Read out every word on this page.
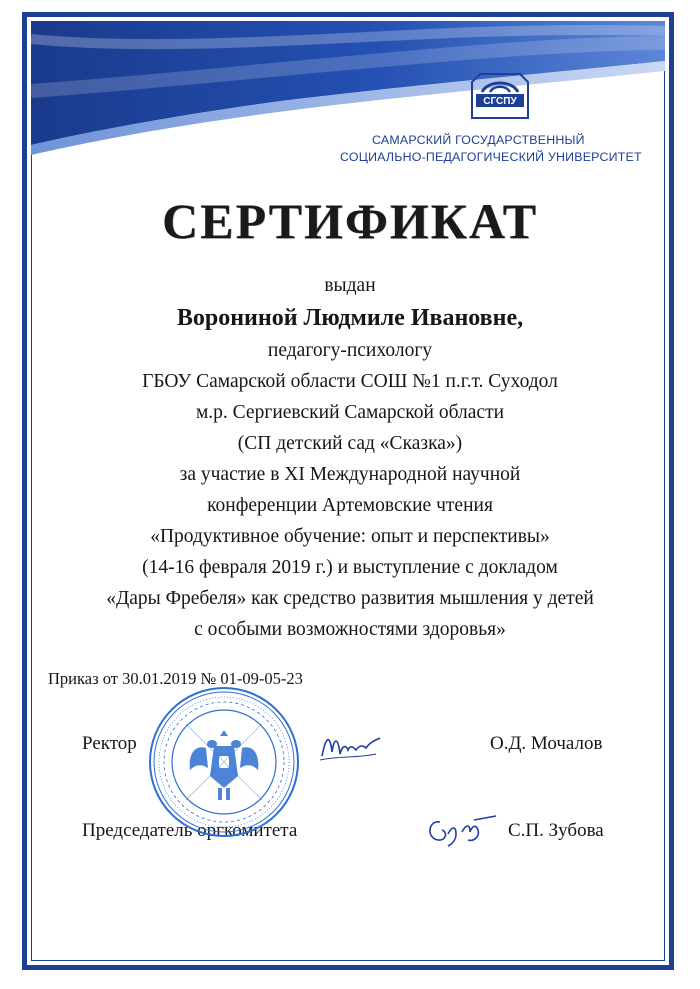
СГСПУ
САМАРСКИЙ ГОСУДАРСТВЕННЫЙ
СОЦИАЛЬНО-ПЕДАГОГИЧЕСКИЙ УНИВЕРСИТЕТ
СЕРТИФИКАТ
выдан
Ворониной Людмиле Ивановне,
педагогу-психологу
ГБОУ Самарской области СОШ №1 п.г.т. Суходол
м.р. Сергиевский Самарской области
(СП детский сад «Сказка»)
за участие в XI Международной научной
конференции Артемовские чтения
«Продуктивное обучение: опыт и перспективы»
(14-16 февраля 2019 г.) и выступление с докладом
«Дары Фребеля» как средство развития мышления у детей
с особыми возможностями здоровья»
Приказ от 30.01.2019 № 01-09-05-23
Ректор	О.Д. Мочалов
Председатель оргкомитета	С.П. Зубова
